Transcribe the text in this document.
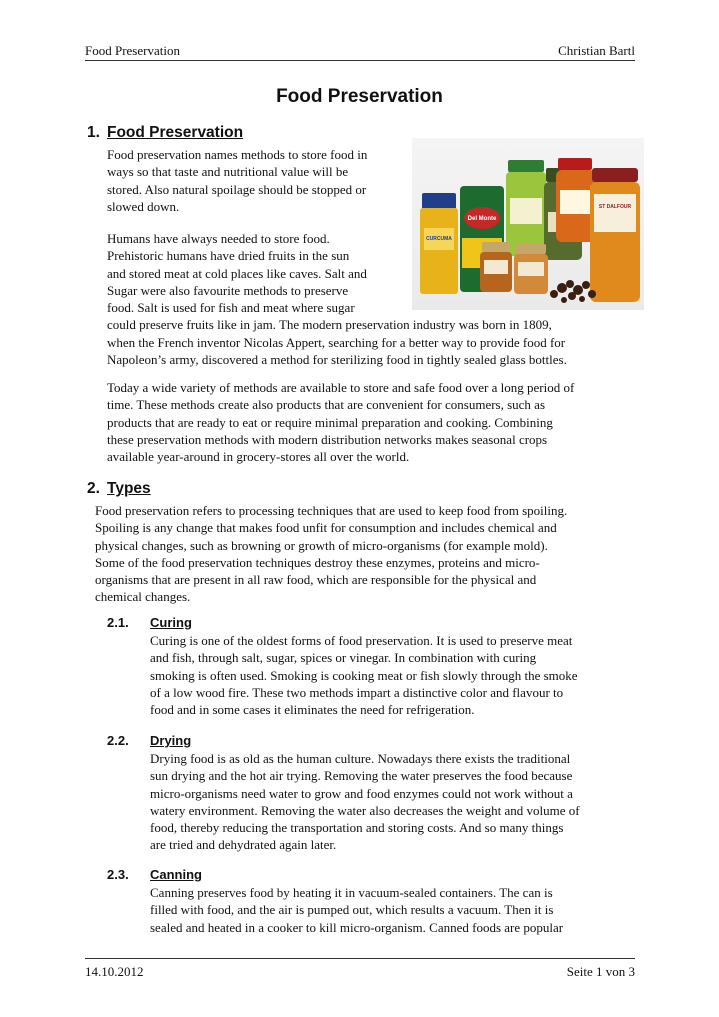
Food Preservation	Christian Bartl
Food Preservation
1. Food Preservation
Food preservation names methods to store food in
ways so that taste and nutritional value will be
stored. Also natural spoilage should be stopped or
slowed down.
Humans have always needed to store food.
Prehistoric humans have dried fruits in the sun
and stored meat at cold places like caves. Salt and
Sugar were also favourite methods to preserve
food. Salt is used for fish and meat where sugar
could preserve fruits like in jam. The modern preservation industry was born in 1809,
when the French inventor Nicolas Appert, searching for a better way to provide food for
Napoleon’s army, discovered a method for sterilizing food in tightly sealed glass bottles.
Today a wide variety of methods are available to store and safe food over a long period of
time. These methods create also products that are convenient for consumers, such as
products that are ready to eat or require minimal preparation and cooking. Combining
these preservation methods with modern distribution networks makes seasonal crops
available year-around in grocery-stores all over the world.
CURCUMA
Del Monte
ST DALFOUR
2. Types
Food preservation refers to processing techniques that are used to keep food from spoiling.
Spoiling is any change that makes food unfit for consumption and includes chemical and
physical changes, such as browning or growth of micro-organisms (for example mold).
Some of the food preservation techniques destroy these enzymes, proteins and micro-
organisms that are present in all raw food, which are responsible for the physical and
chemical changes.
2.1. Curing
Curing is one of the oldest forms of food preservation. It is used to preserve meat
and fish, through salt, sugar, spices or vinegar. In combination with curing
smoking is often used. Smoking is cooking meat or fish slowly through the smoke
of a low wood fire. These two methods impart a distinctive color and flavour to
food and in some cases it eliminates the need for refrigeration.
2.2. Drying
Drying food is as old as the human culture. Nowadays there exists the traditional
sun drying and the hot air trying. Removing the water preserves the food because
micro-organisms need water to grow and food enzymes could not work without a
watery environment. Removing the water also decreases the weight and volume of
food, thereby reducing the transportation and storing costs. And so many things
are tried and dehydrated again later.
2.3. Canning
Canning preserves food by heating it in vacuum-sealed containers. The can is
filled with food, and the air is pumped out, which results a vacuum. Then it is
sealed and heated in a cooker to kill micro-organism. Canned foods are popular
14.10.2012	Seite 1 von 3
